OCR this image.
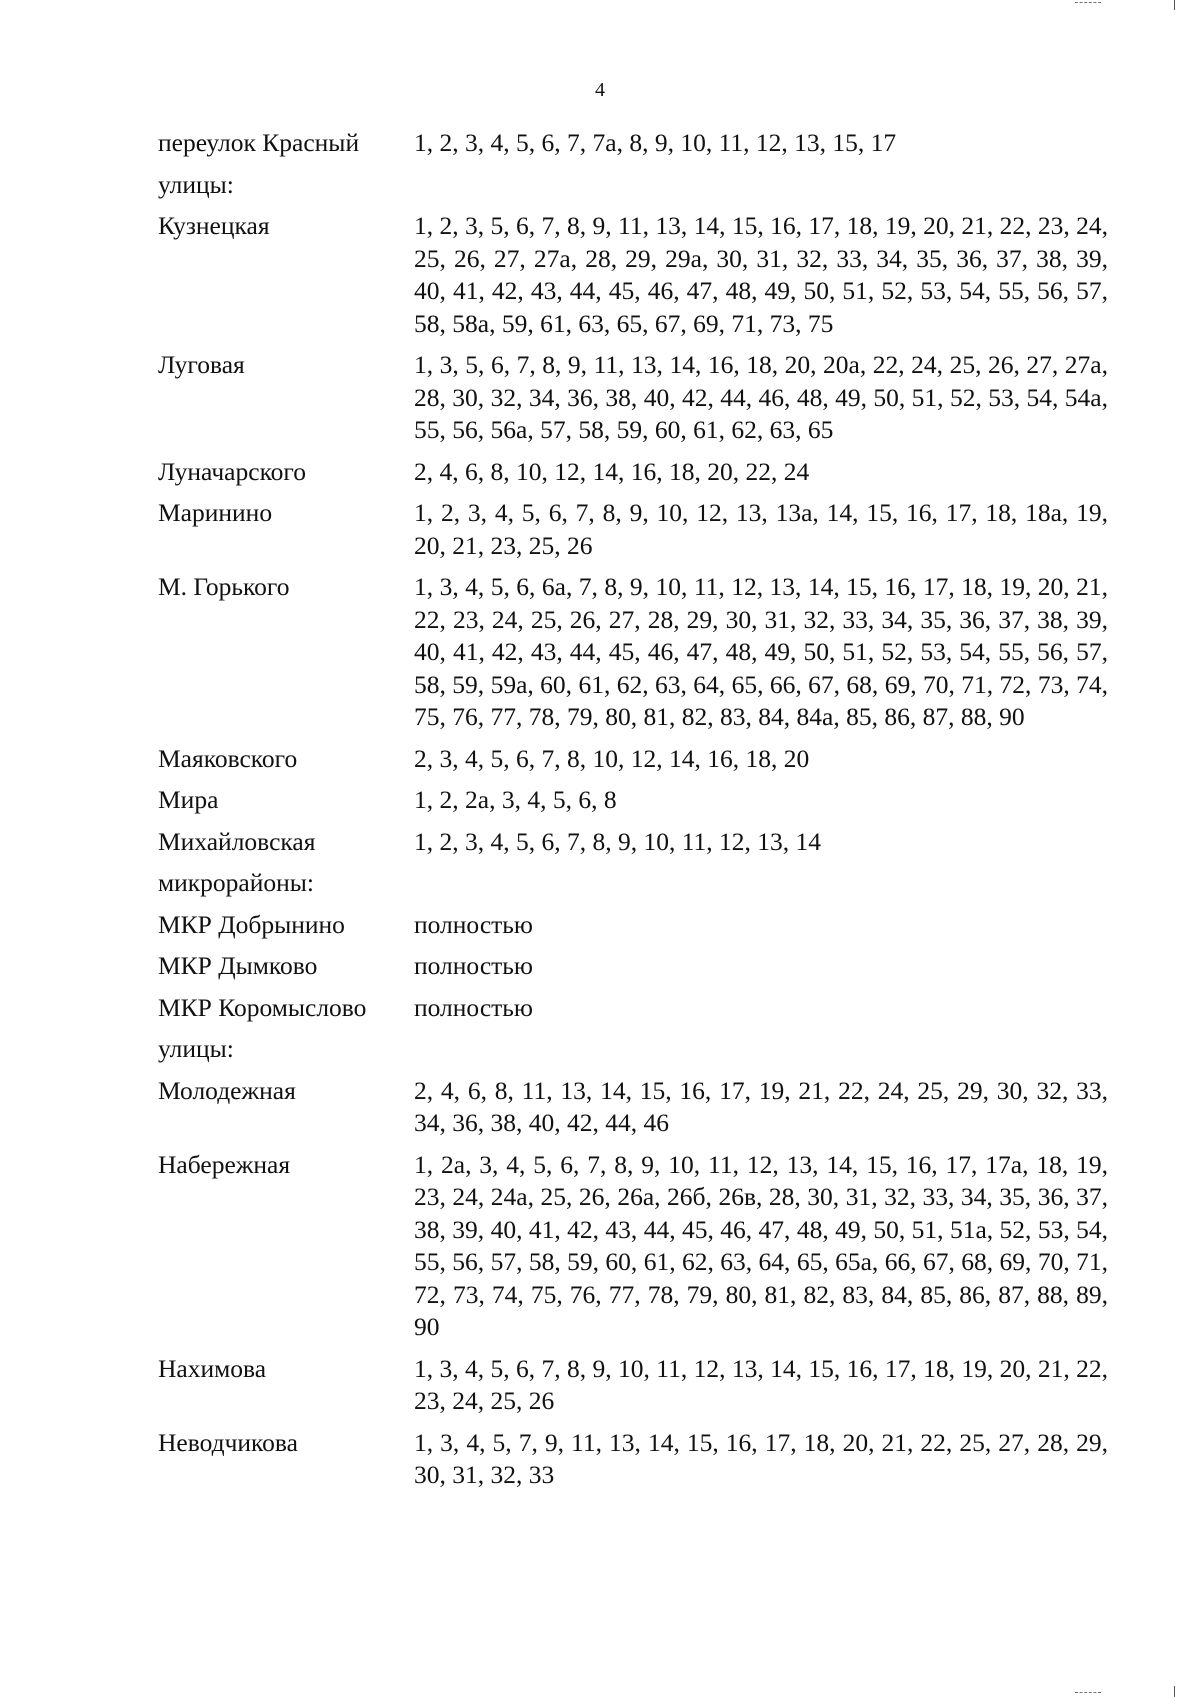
4
переулок Красный	1, 2, 3, 4, 5, 6, 7, 7а, 8, 9, 10, 11, 12, 13, 15, 17
улицы:	
Кузнецкая	1, 2, 3, 5, 6, 7, 8, 9, 11, 13, 14, 15, 16, 17, 18, 19, 20, 21, 22, 23, 24, 25, 26, 27, 27а, 28, 29, 29а, 30, 31, 32, 33, 34, 35, 36, 37, 38, 39, 40, 41, 42, 43, 44, 45, 46, 47, 48, 49, 50, 51, 52, 53, 54, 55, 56, 57, 58, 58а, 59, 61, 63, 65, 67, 69, 71, 73, 75
Луговая	1, 3, 5, 6, 7, 8, 9, 11, 13, 14, 16, 18, 20, 20а, 22, 24, 25, 26, 27, 27а, 28, 30, 32, 34, 36, 38, 40, 42, 44, 46, 48, 49, 50, 51, 52, 53, 54, 54а, 55, 56, 56а, 57, 58, 59, 60, 61, 62, 63, 65
Луначарского	2, 4, 6, 8, 10, 12, 14, 16, 18, 20, 22, 24
Маринино	1, 2, 3, 4, 5, 6, 7, 8, 9, 10, 12, 13, 13а, 14, 15, 16, 17, 18, 18а, 19, 20, 21, 23, 25, 26
М. Горького	1, 3, 4, 5, 6, 6а, 7, 8, 9, 10, 11, 12, 13, 14, 15, 16, 17, 18, 19, 20, 21, 22, 23, 24, 25, 26, 27, 28, 29, 30, 31, 32, 33, 34, 35, 36, 37, 38, 39, 40, 41, 42, 43, 44, 45, 46, 47, 48, 49, 50, 51, 52, 53, 54, 55, 56, 57, 58, 59, 59а, 60, 61, 62, 63, 64, 65, 66, 67, 68, 69, 70, 71, 72, 73, 74, 75, 76, 77, 78, 79, 80, 81, 82, 83, 84, 84а, 85, 86, 87, 88, 90
Маяковского	2, 3, 4, 5, 6, 7, 8, 10, 12, 14, 16, 18, 20
Мира	1, 2, 2а, 3, 4, 5, 6, 8
Михайловская	1, 2, 3, 4, 5, 6, 7, 8, 9, 10, 11, 12, 13, 14
микрорайоны:	
МКР Добрынино	полностью
МКР Дымково	полностью
МКР Коромыслово	полностью
улицы:	
Молодежная	2, 4, 6, 8, 11, 13, 14, 15, 16, 17, 19, 21, 22, 24, 25, 29, 30, 32, 33, 34, 36, 38, 40, 42, 44, 46
Набережная	1, 2а, 3, 4, 5, 6, 7, 8, 9, 10, 11, 12, 13, 14, 15, 16, 17, 17а, 18, 19, 23, 24, 24а, 25, 26, 26а, 26б, 26в, 28, 30, 31, 32, 33, 34, 35, 36, 37, 38, 39, 40, 41, 42, 43, 44, 45, 46, 47, 48, 49, 50, 51, 51а, 52, 53, 54, 55, 56, 57, 58, 59, 60, 61, 62, 63, 64, 65, 65а, 66, 67, 68, 69, 70, 71, 72, 73, 74, 75, 76, 77, 78, 79, 80, 81, 82, 83, 84, 85, 86, 87, 88, 89, 90
Нахимова	1, 3, 4, 5, 6, 7, 8, 9, 10, 11, 12, 13, 14, 15, 16, 17, 18, 19, 20, 21, 22, 23, 24, 25, 26
Неводчикова	1, 3, 4, 5, 7, 9, 11, 13, 14, 15, 16, 17, 18, 20, 21, 22, 25, 27, 28, 29, 30, 31, 32, 33
